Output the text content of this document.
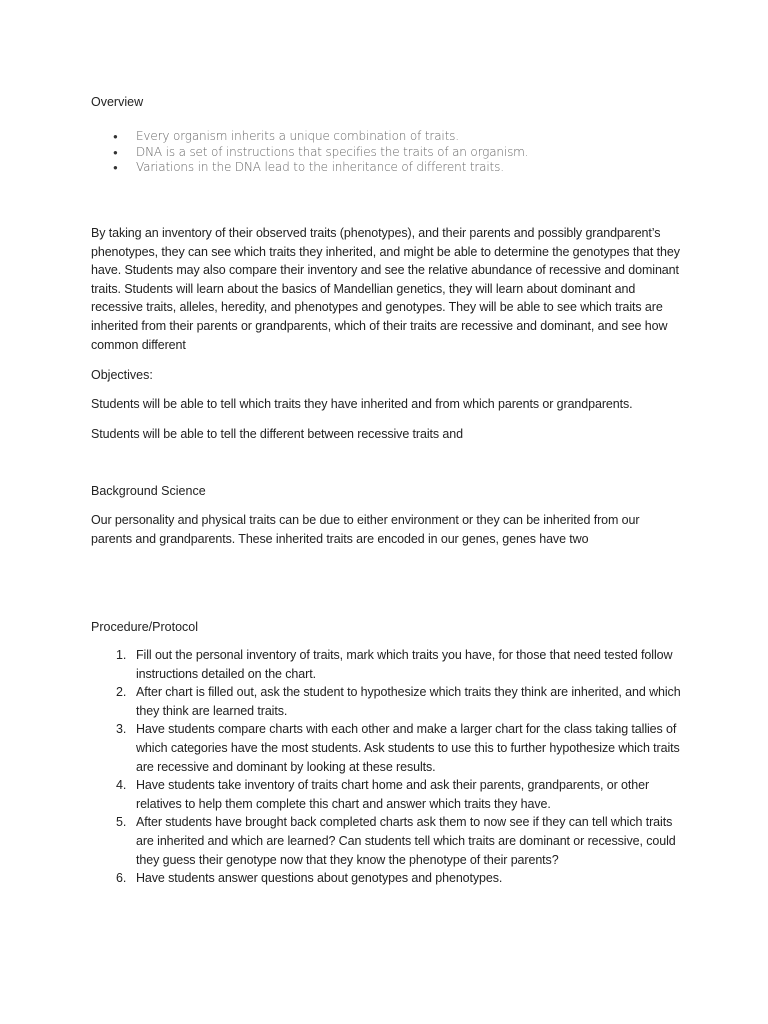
Overview
● Every organism inherits a unique combination of traits.
● DNA is a set of instructions that specifies the traits of an organism.
● Variations in the DNA lead to the inheritance of different traits.

By taking an inventory of their observed traits (phenotypes), and their parents and possibly grandparent’s phenotypes, they can see which traits they inherited, and might be able to determine the genotypes that they have. Students may also compare their inventory and see the relative abundance of recessive and dominant traits. Students will learn about the basics of Mandellian genetics, they will learn about dominant and recessive traits, alleles, heredity, and phenotypes and genotypes. They will be able to see which traits are inherited from their parents or grandparents, which of their traits are recessive and dominant, and see how common different

Objectives:

Students will be able to tell which traits they have inherited and from which parents or grandparents.

Students will be able to tell the different between recessive traits and

Background Science

Our personality and physical traits can be due to either environment or they can be inherited from our parents and grandparents. These inherited traits are encoded in our genes, genes have two

Procedure/Protocol
1. Fill out the personal inventory of traits, mark which traits you have, for those that need tested follow instructions detailed on the chart.
2. After chart is filled out, ask the student to hypothesize which traits they think are inherited, and which they think are learned traits.
3. Have students compare charts with each other and make a larger chart for the class taking tallies of which categories have the most students. Ask students to use this to further hypothesize which traits are recessive and dominant by looking at these results.
4. Have students take inventory of traits chart home and ask their parents, grandparents, or other relatives to help them complete this chart and answer which traits they have.
5. After students have brought back completed charts ask them to now see if they can tell which traits are inherited and which are learned? Can students tell which traits are dominant or recessive, could they guess their genotype now that they know the phenotype of their parents?
6. Have students answer questions about genotypes and phenotypes.
